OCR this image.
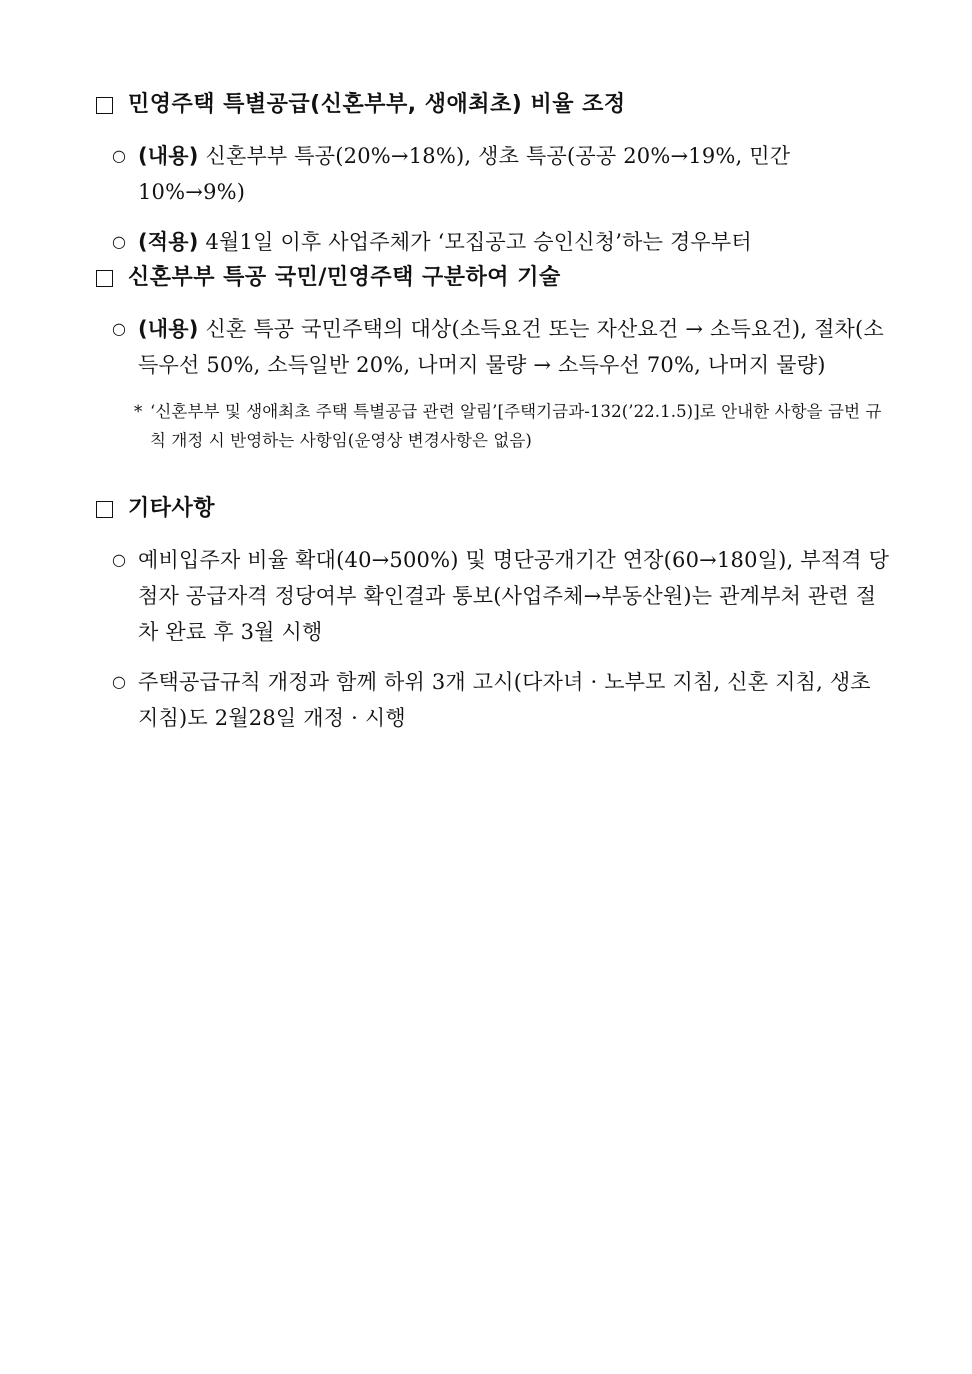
민영주택 특별공급(신혼부부, 생애최초) 비율 조정
○ (내용) 신혼부부 특공(20%→18%), 생초 특공(공공 20%→19%, 민간 10%→9%)
○ (적용) 4월1일 이후 사업주체가 ‘모집공고 승인신청’하는 경우부터
신혼부부 특공 국민/민영주택 구분하여 기술
○ (내용) 신혼 특공 국민주택의 대상(소득요건 또는 자산요건 → 소득요건), 절차(소득우선 50%, 소득일반 20%, 나머지 물량 → 소득우선 70%, 나머지 물량)
* ‘신혼부부 및 생애최초 주택 특별공급 관련 알림’[주택기금과-132(’22.1.5)]로 안내한 사항을 금번 규칙 개정 시 반영하는 사항임(운영상 변경사항은 없음)
기타사항
○ 예비입주자 비율 확대(40→500%) 및 명단공개기간 연장(60→180일), 부적격 당첨자 공급자격 정당여부 확인결과 통보(사업주체→부동산원)는 관계부처 관련 절차 완료 후 3월 시행
○ 주택공급규칙 개정과 함께 하위 3개 고시(다자녀 · 노부모 지침, 신혼 지침, 생초 지침)도 2월28일 개정 · 시행
